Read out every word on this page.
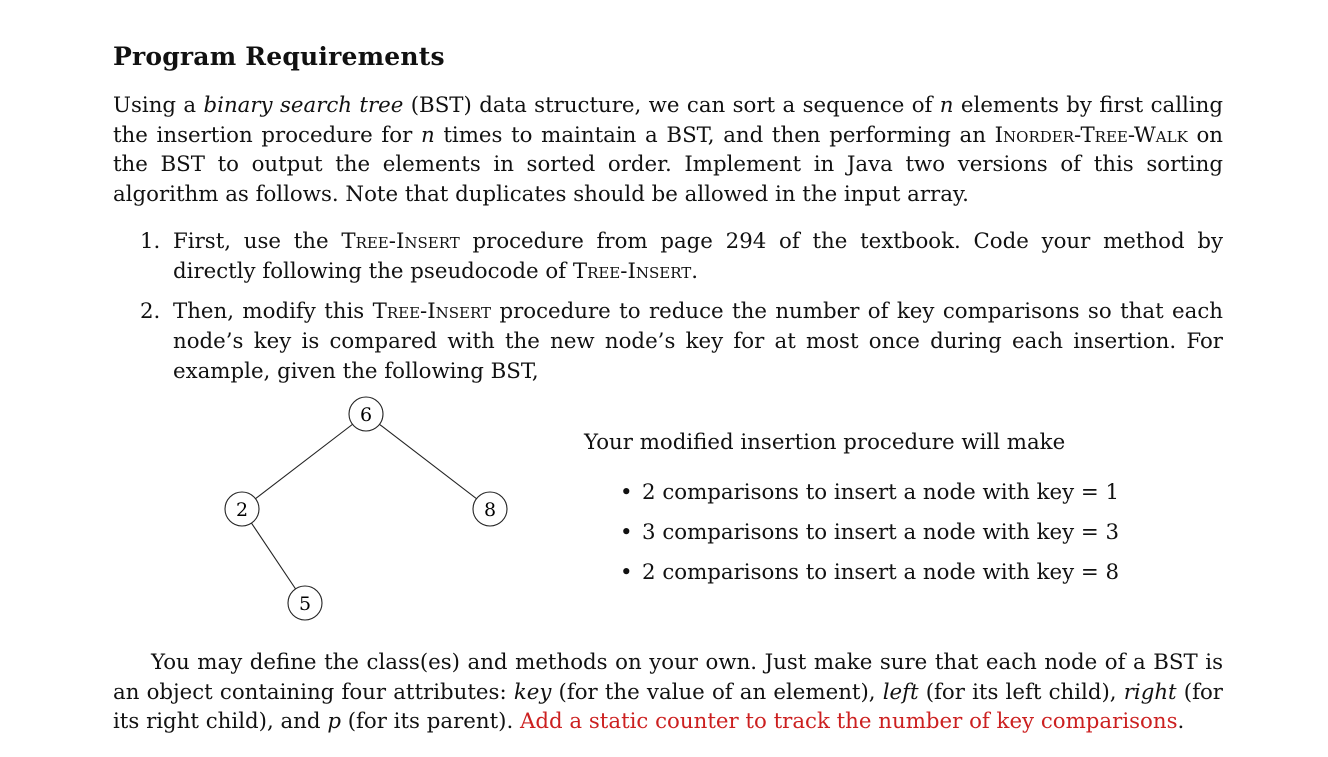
Program Requirements

Using a binary search tree (BST) data structure, we can sort a sequence of n elements by first calling the insertion procedure for n times to maintain a BST, and then performing an Inorder-Tree-Walk on the BST to output the elements in sorted order. Implement in Java two versions of this sorting algorithm as follows. Note that duplicates should be allowed in the input array.

1. First, use the Tree-Insert procedure from page 294 of the textbook. Code your method by directly following the pseudocode of Tree-Insert.
2. Then, modify this Tree-Insert procedure to reduce the number of key comparisons so that each node’s key is compared with the new node’s key for at most once during each insertion. For example, given the following BST,
6
2	8
5
Your modified insertion procedure will make
• 2 comparisons to insert a node with key = 1
• 3 comparisons to insert a node with key = 3
• 2 comparisons to insert a node with key = 8

You may define the class(es) and methods on your own. Just make sure that each node of a BST is an object containing four attributes: key (for the value of an element), left (for its left child), right (for its right child), and p (for its parent). Add a static counter to track the number of key comparisons.
